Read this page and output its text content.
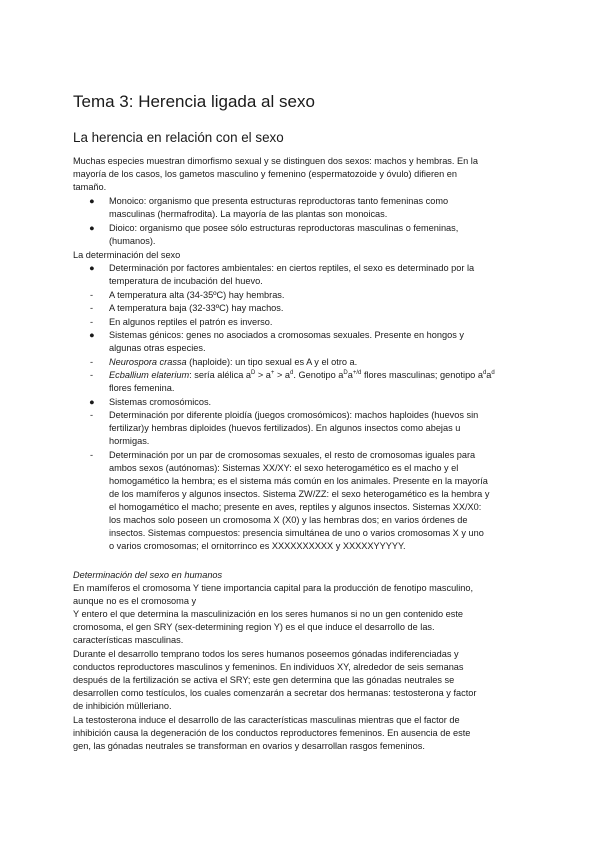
Tema 3: Herencia ligada al sexo
La herencia en relación con el sexo
Muchas especies muestran dimorfismo sexual y se distinguen dos sexos: machos y hembras. En la
mayoría de los casos, los gametos masculino y femenino (espermatozoide y óvulo) difieren en
tamaño.
● Monoico: organismo que presenta estructuras reproductoras tanto femeninas como
masculinas (hermafrodita). La mayoría de las plantas son monoicas.
● Dioico: organismo que posee sólo estructuras reproductoras masculinas o femeninas,
(humanos).
La determinación del sexo
● Determinación por factores ambientales: en ciertos reptiles, el sexo es determinado por la
temperatura de incubación del huevo.
- A temperatura alta (34-35ºC) hay hembras.
- A temperatura baja (32-33ºC) hay machos.
- En algunos reptiles el patrón es inverso.
● Sistemas génicos: genes no asociados a cromosomas sexuales. Presente en hongos y
algunas otras especies.
- Neurospora crassa (haploide): un tipo sexual es A y el otro a.
- Ecballium elaterium: sería alélica $a^D > a^+ > a^d$. Genotipo $a^Da^{+/d}$ flores masculinas; genotipo $a^da^d$
flores femenina.
● Sistemas cromosómicos.
- Determinación por diferente ploidía (juegos cromosómicos): machos haploides (huevos sin
fertilizar)y hembras diploides (huevos fertilizados). En algunos insectos como abejas u
hormigas.
- Determinación por un par de cromosomas sexuales, el resto de cromosomas iguales para
ambos sexos (autónomas): Sistemas XX/XY: el sexo heterogamético es el macho y el
homogamético la hembra; es el sistema más común en los animales. Presente en la mayoría
de los mamíferos y algunos insectos. Sistema ZW/ZZ: el sexo heterogamético es la hembra y
el homogamético el macho; presente en aves, reptiles y algunos insectos. Sistemas XX/X0:
los machos solo poseen un cromosoma X (X0) y las hembras dos; en varios órdenes de
insectos. Sistemas compuestos: presencia simultánea de uno o varios cromosomas X y uno
o varios cromosomas; el ornitorrinco es XXXXXXXXXX y XXXXXYYYYY.
Determinación del sexo en humanos
En mamíferos el cromosoma Y tiene importancia capital para la producción de fenotipo masculino,
aunque no es el cromosoma y
Y entero el que determina la masculinización en los seres humanos si no un gen contenido este
cromosoma, el gen SRY (sex-determining region Y) es el que induce el desarrollo de las.
características masculinas.
Durante el desarrollo temprano todos los seres humanos poseemos gónadas indiferenciadas y
conductos reproductores masculinos y femeninos. En individuos XY, alrededor de seis semanas
después de la fertilización se activa el SRY; este gen determina que las gónadas neutrales se
desarrollen como testículos, los cuales comenzarán a secretar dos hermanas: testosterona y factor
de inhibición mülleriano.
La testosterona induce el desarrollo de las características masculinas mientras que el factor de
inhibición causa la degeneración de los conductos reproductores femeninos. En ausencia de este
gen, las gónadas neutrales se transforman en ovarios y desarrollan rasgos femeninos.
